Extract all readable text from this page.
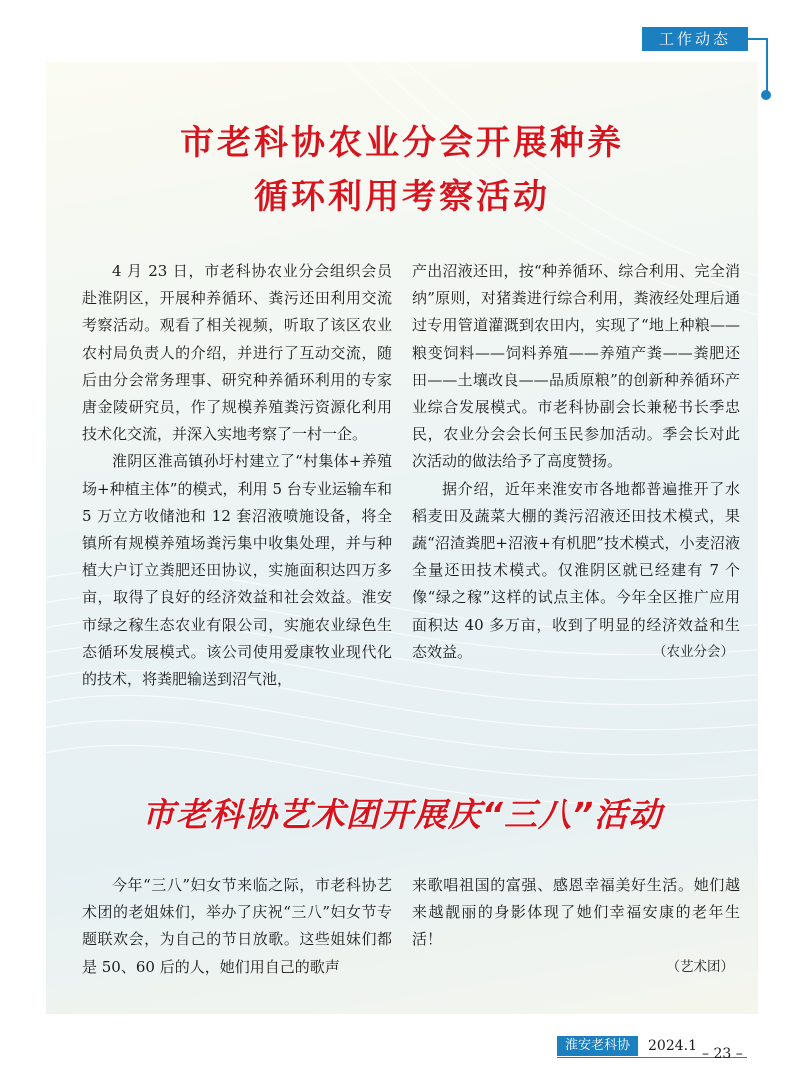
工作动态
市老科协农业分会开展种养
循环利用考察活动

4 月 23 日，市老科协农业分会组织会员赴淮阴区，开展种养循环、粪污还田利用交流考察活动。观看了相关视频，听取了该区农业农村局负责人的介绍，并进行了互动交流，随后由分会常务理事、研究种养循环利用的专家唐金陵研究员，作了规模养殖粪污资源化利用技术化交流，并深入实地考察了一村一企。

淮阴区淮高镇孙圩村建立了“村集体+养殖场+种植主体”的模式，利用 5 台专业运输车和 5 万立方收储池和 12 套沼液喷施设备，将全镇所有规模养殖场粪污集中收集处理，并与种植大户订立粪肥还田协议，实施面积达四万多亩，取得了良好的经济效益和社会效益。淮安市绿之稼生态农业有限公司，实施农业绿色生态循环发展模式。该公司使用爱康牧业现代化的技术，将粪肥输送到沼气池，

产出沼液还田，按“种养循环、综合利用、完全消纳”原则，对猪粪进行综合利用，粪液经处理后通过专用管道灌溉到农田内，实现了“地上种粮——粮变饲料——饲料养殖——养殖产粪——粪肥还田——土壤改良——品质原粮”的创新种养循环产业综合发展模式。市老科协副会长兼秘书长季忠民，农业分会会长何玉民参加活动。季会长对此次活动的做法给予了高度赞扬。

据介绍，近年来淮安市各地都普遍推开了水稻麦田及蔬菜大棚的粪污沼液还田技术模式，果蔬“沼渣粪肥+沼液+有机肥”技术模式，小麦沼液全量还田技术模式。仅淮阴区就已经建有 7 个像“绿之稼”这样的试点主体。今年全区推广应用面积达 40 多万亩，收到了明显的经济效益和生态效益。	（农业分会）

市老科协艺术团开展庆“三八”活动

今年“三八”妇女节来临之际，市老科协艺术团的老姐妹们，举办了庆祝“三八”妇女节专题联欢会，为自己的节日放歌。这些姐妹们都是 50、60 后的人，她们用自己的歌声

来歌唱祖国的富强、感恩幸福美好生活。她们越来越靓丽的身影体现了她们幸福安康的老年生活！

（艺术团）

淮安老科协	2024.1 – 23 –
